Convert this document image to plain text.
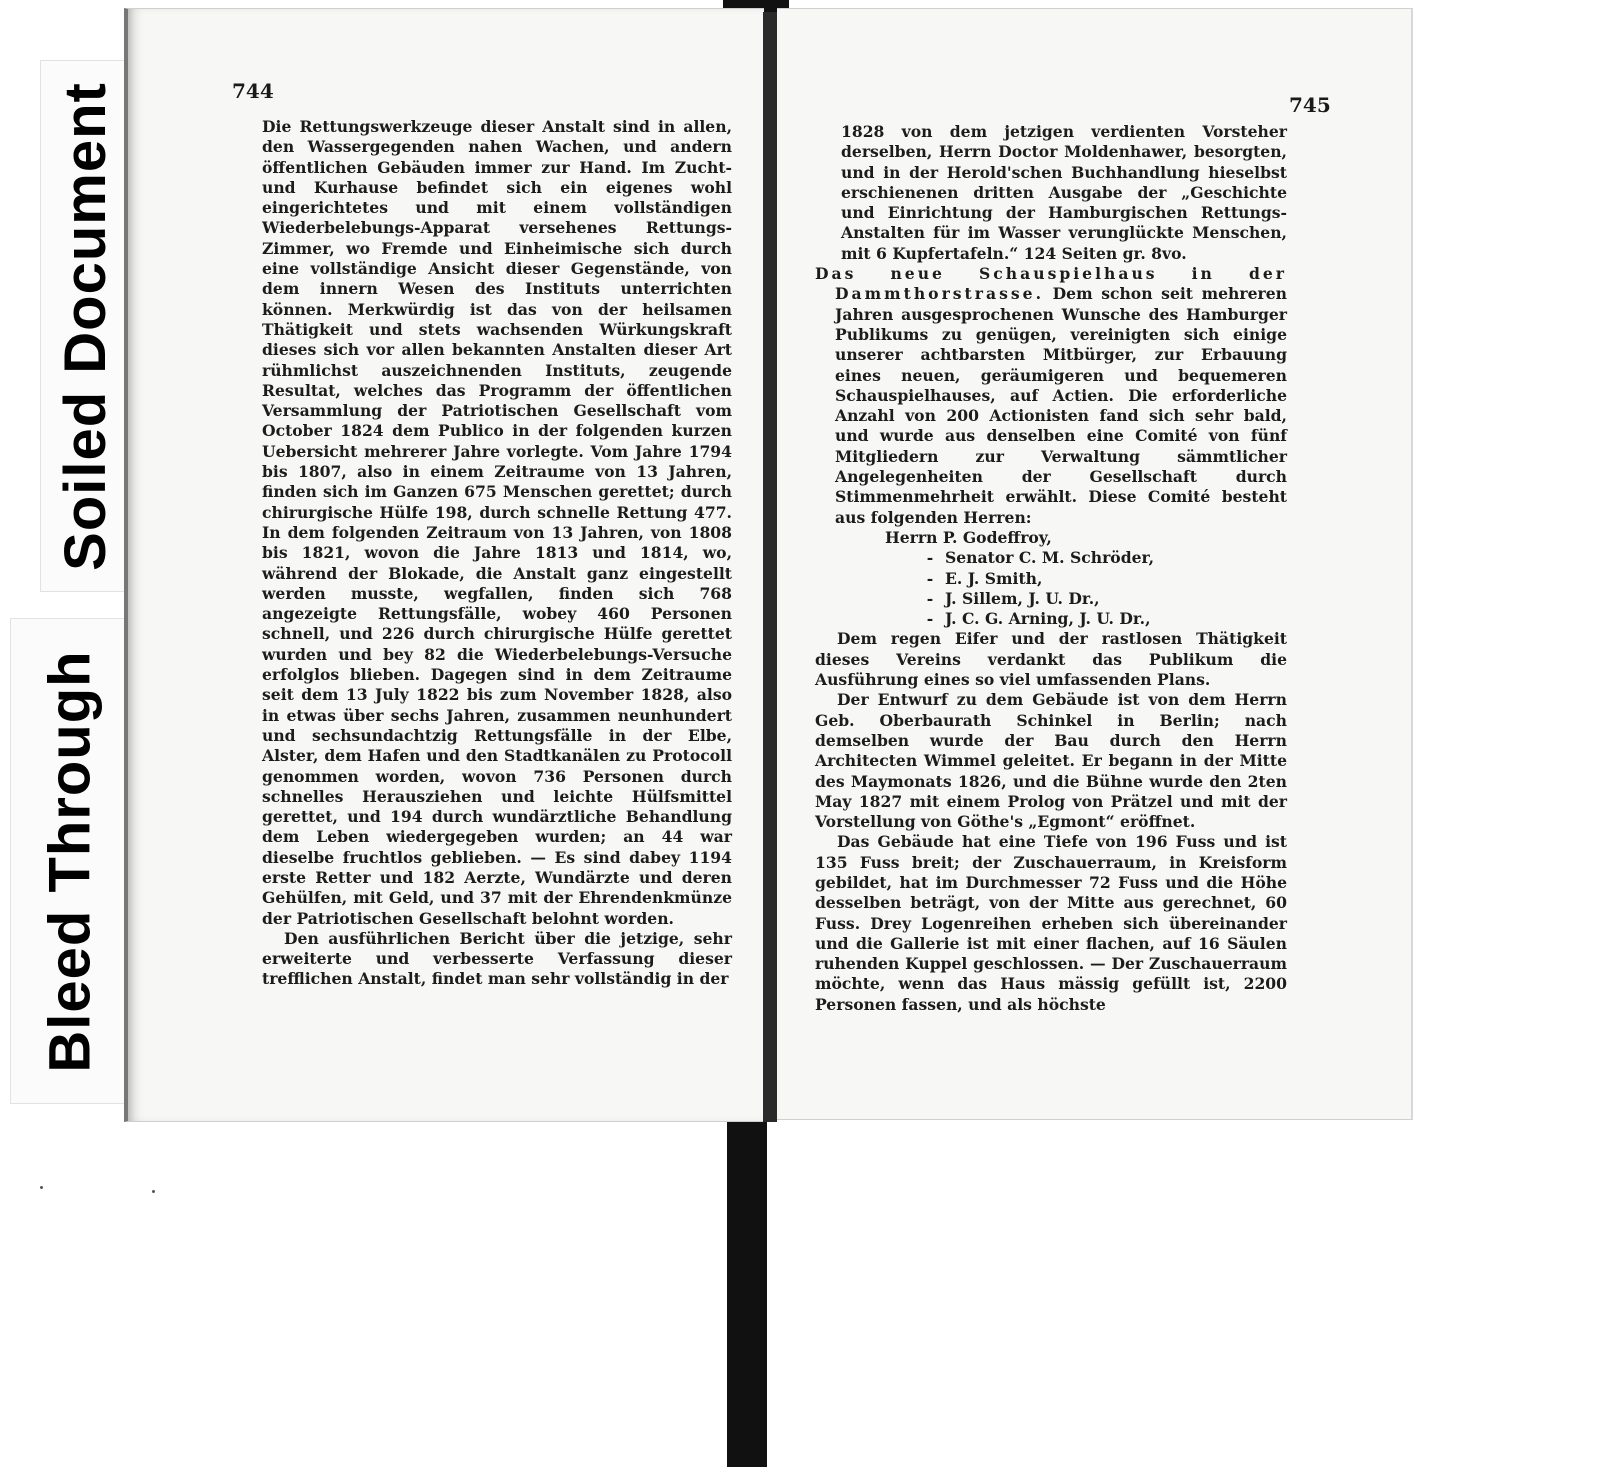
Soiled Document
Bleed Through
744

Die Rettungswerkzeuge dieser Anstalt sind in allen, den Wassergegenden nahen Wachen, und andern öffentlichen Gebäuden immer zur Hand. Im Zucht- und Kurhause befindet sich ein eigenes wohl eingerichtetes und mit einem vollständigen Wiederbelebungs-Apparat versehenes Rettungs-Zimmer, wo Fremde und Einheimische sich durch eine vollständige Ansicht dieser Gegenstände, von dem innern Wesen des Instituts unterrichten können. Merkwürdig ist das von der heilsamen Thätigkeit und stets wachsenden Würkungskraft dieses sich vor allen bekannten Anstalten dieser Art rühmlichst auszeichnenden Instituts, zeugende Resultat, welches das Programm der öffentlichen Versammlung der Patriotischen Gesellschaft vom October 1824 dem Publico in der folgenden kurzen Uebersicht mehrerer Jahre vorlegte. Vom Jahre 1794 bis 1807, also in einem Zeitraume von 13 Jahren, finden sich im Ganzen 675 Menschen gerettet; durch chirurgische Hülfe 198, durch schnelle Rettung 477. In dem folgenden Zeitraum von 13 Jahren, von 1808 bis 1821, wovon die Jahre 1813 und 1814, wo, während der Blokade, die Anstalt ganz eingestellt werden musste, wegfallen, finden sich 768 angezeigte Rettungsfälle, wobey 460 Personen schnell, und 226 durch chirurgische Hülfe gerettet wurden und bey 82 die Wiederbelebungs-Versuche erfolglos blieben. Dagegen sind in dem Zeitraume seit dem 13 July 1822 bis zum November 1828, also in etwas über sechs Jahren, zusammen neunhundert und sechsundachtzig Rettungsfälle in der Elbe, Alster, dem Hafen und den Stadtkanälen zu Protocoll genommen worden, wovon 736 Personen durch schnelles Herausziehen und leichte Hülfsmittel gerettet, und 194 durch wundärztliche Behandlung dem Leben wiedergegeben wurden; an 44 war dieselbe fruchtlos geblieben. — Es sind dabey 1194 erste Retter und 182 Aerzte, Wundärzte und deren Gehülfen, mit Geld, und 37 mit der Ehrendenkmünze der Patriotischen Gesellschaft belohnt worden.

Den ausführlichen Bericht über die jetzige, sehr erweiterte und verbesserte Verfassung dieser trefflichen Anstalt, findet man sehr vollständig in der

745

1828 von dem jetzigen verdienten Vorsteher derselben, Herrn Doctor Moldenhawer, besorgten, und in der Herold'schen Buchhandlung hieselbst erschienenen dritten Ausgabe der „Geschichte und Einrichtung der Hamburgischen Rettungs-Anstalten für im Wasser verunglückte Menschen, mit 6 Kupfertafeln.“ 124 Seiten gr. 8vo.

Das neue Schauspielhaus in der Dammthorstrasse. Dem schon seit mehreren Jahren ausgesprochenen Wunsche des Hamburger Publikums zu genügen, vereinigten sich einige unserer achtbarsten Mitbürger, zur Erbauung eines neuen, geräumigeren und bequemeren Schauspielhauses, auf Actien. Die erforderliche Anzahl von 200 Actionisten fand sich sehr bald, und wurde aus denselben eine Comité von fünf Mitgliedern zur Verwaltung sämmtlicher Angelegenheiten der Gesellschaft durch Stimmenmehrheit erwählt. Diese Comité besteht aus folgenden Herren:

Herrn P. Godeffroy,
- Senator C. M. Schröder,
- E. J. Smith,
- J. Sillem, J. U. Dr.,
- J. C. G. Arning, J. U. Dr.,

Dem regen Eifer und der rastlosen Thätigkeit dieses Vereins verdankt das Publikum die Ausführung eines so viel umfassenden Plans.

Der Entwurf zu dem Gebäude ist von dem Herrn Geb. Oberbaurath Schinkel in Berlin; nach demselben wurde der Bau durch den Herrn Architecten Wimmel geleitet. Er begann in der Mitte des Maymonats 1826, und die Bühne wurde den 2ten May 1827 mit einem Prolog von Prätzel und mit der Vorstellung von Göthe's „Egmont“ eröffnet.

Das Gebäude hat eine Tiefe von 196 Fuss und ist 135 Fuss breit; der Zuschauerraum, in Kreisform gebildet, hat im Durchmesser 72 Fuss und die Höhe desselben beträgt, von der Mitte aus gerechnet, 60 Fuss. Drey Logenreihen erheben sich übereinander und die Gallerie ist mit einer flachen, auf 16 Säulen ruhenden Kuppel geschlossen. — Der Zuschauerraum möchte, wenn das Haus mässig gefüllt ist, 2200 Personen fassen, und als höchste
